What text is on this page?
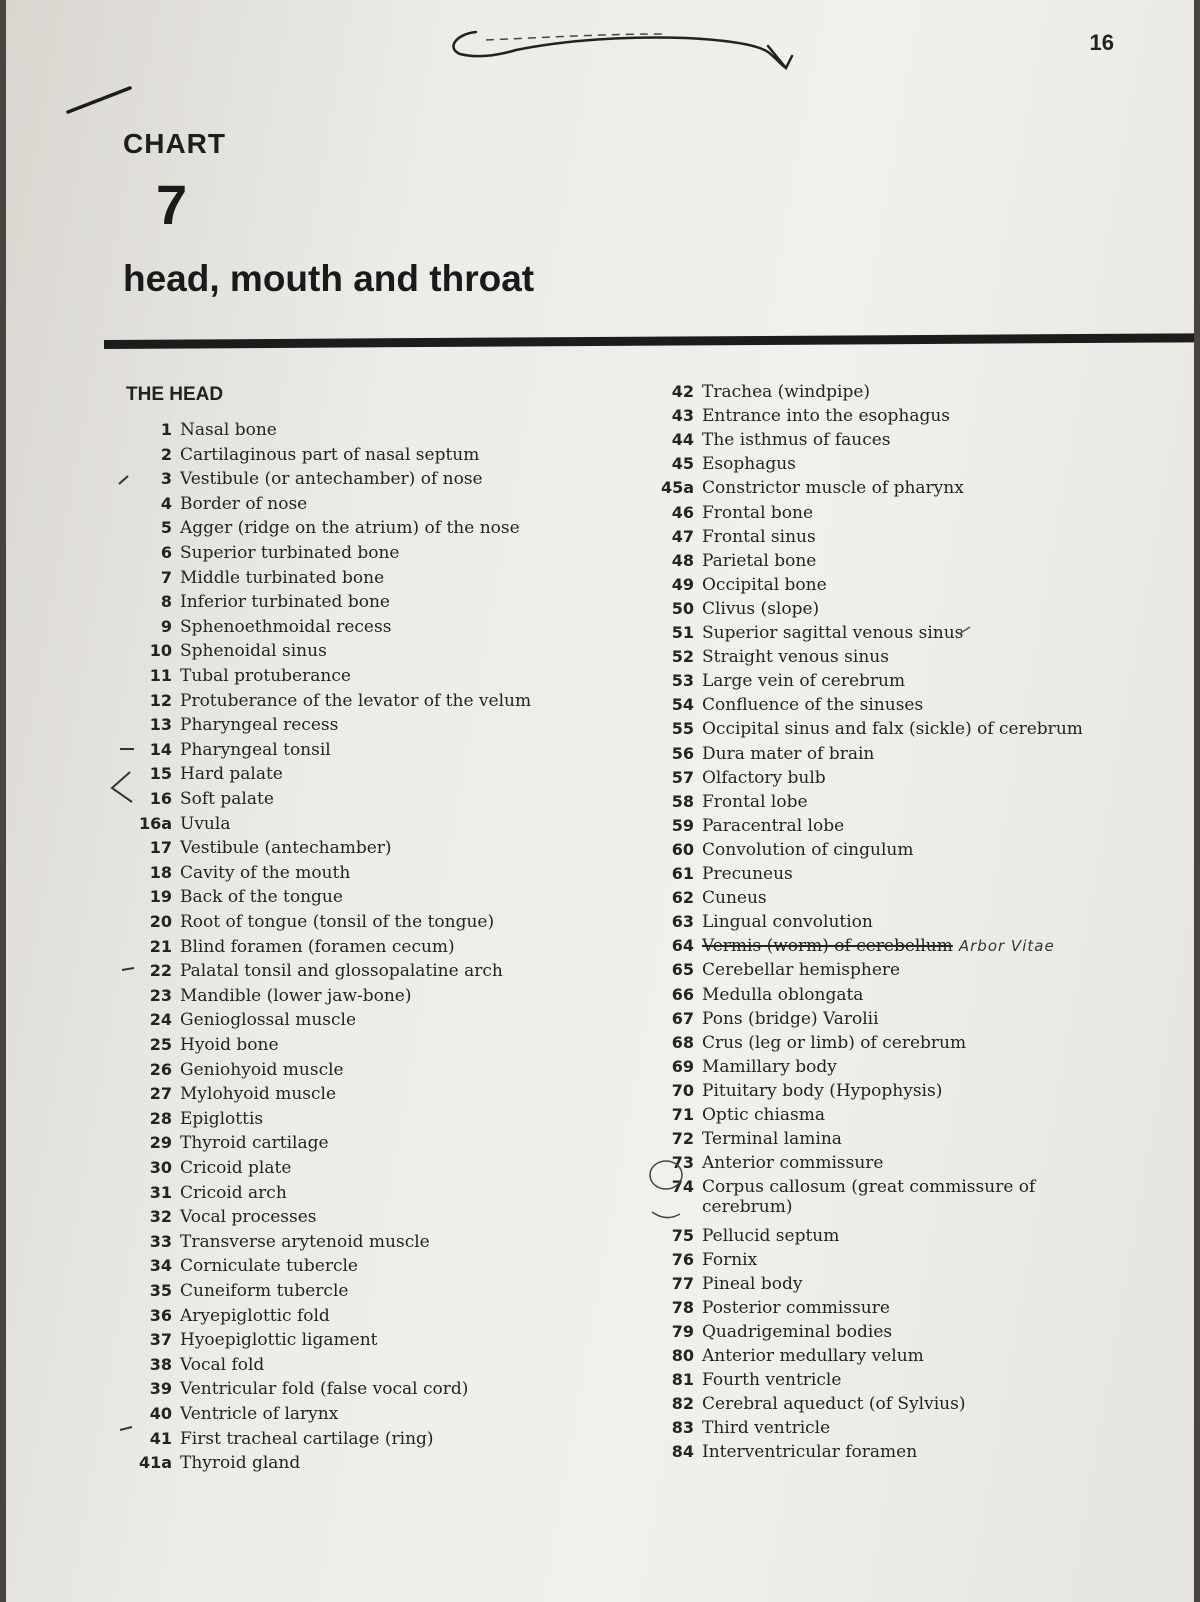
16
CHART
7
head, mouth and throat
THE HEAD
1 Nasal bone
2 Cartilaginous part of nasal septum
3 Vestibule (or antechamber) of nose
4 Border of nose
5 Agger (ridge on the atrium) of the nose
6 Superior turbinated bone
7 Middle turbinated bone
8 Inferior turbinated bone
9 Sphenoethmoidal recess
10 Sphenoidal sinus
11 Tubal protuberance
12 Protuberance of the levator of the velum
13 Pharyngeal recess
14 Pharyngeal tonsil
15 Hard palate
16 Soft palate
16a Uvula
17 Vestibule (antechamber)
18 Cavity of the mouth
19 Back of the tongue
20 Root of tongue (tonsil of the tongue)
21 Blind foramen (foramen cecum)
22 Palatal tonsil and glossopalatine arch
23 Mandible (lower jaw-bone)
24 Genioglossal muscle
25 Hyoid bone
26 Geniohyoid muscle
27 Mylohyoid muscle
28 Epiglottis
29 Thyroid cartilage
30 Cricoid plate
31 Cricoid arch
32 Vocal processes
33 Transverse arytenoid muscle
34 Corniculate tubercle
35 Cuneiform tubercle
36 Aryepiglottic fold
37 Hyoepiglottic ligament
38 Vocal fold
39 Ventricular fold (false vocal cord)
40 Ventricle of larynx
41 First tracheal cartilage (ring)
41a Thyroid gland
42 Trachea (windpipe)
43 Entrance into the esophagus
44 The isthmus of fauces
45 Esophagus
45a Constrictor muscle of pharynx
46 Frontal bone
47 Frontal sinus
48 Parietal bone
49 Occipital bone
50 Clivus (slope)
51 Superior sagittal venous sinus
52 Straight venous sinus
53 Large vein of cerebrum
54 Confluence of the sinuses
55 Occipital sinus and falx (sickle) of cerebrum
56 Dura mater of brain
57 Olfactory bulb
58 Frontal lobe
59 Paracentral lobe
60 Convolution of cingulum
61 Precuneus
62 Cuneus
63 Lingual convolution
64 Vermis (worm) of cerebellum Arbor Vitae
65 Cerebellar hemisphere
66 Medulla oblongata
67 Pons (bridge) Varolii
68 Crus (leg or limb) of cerebrum
69 Mamillary body
70 Pituitary body (Hypophysis)
71 Optic chiasma
72 Terminal lamina
73 Anterior commissure
74 Corpus callosum (great commissure of
cerebrum)
75 Pellucid septum
76 Fornix
77 Pineal body
78 Posterior commissure
79 Quadrigeminal bodies
80 Anterior medullary velum
81 Fourth ventricle
82 Cerebral aqueduct (of Sylvius)
83 Third ventricle
84 Interventricular foramen
